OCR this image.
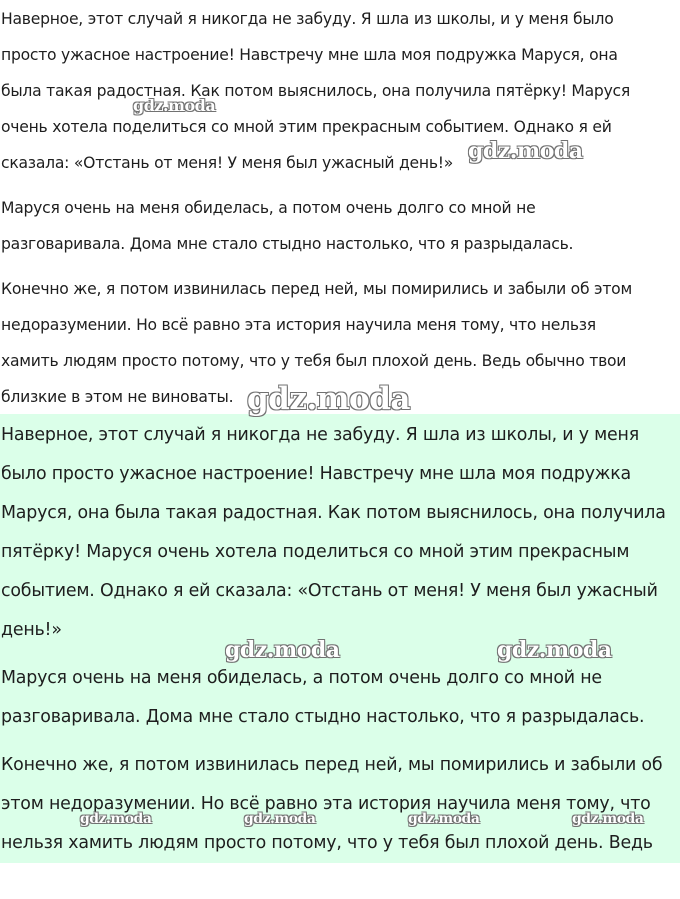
Наверное, этот случай я никогда не забуду. Я шла из школы, и у меня было

просто ужасное настроение! Навстречу мне шла моя подружка Маруся, она

была такая радостная. Как потом выяснилось, она получила пятёрку! Маруся

очень хотела поделиться со мной этим прекрасным событием. Однако я ей

сказала: «Отстань от меня! У меня был ужасный день!»

Маруся очень на меня обиделась, а потом очень долго со мной не

разговаривала. Дома мне стало стыдно настолько, что я разрыдалась.

Конечно же, я потом извинилась перед ней, мы помирились и забыли об этом

недоразумении. Но всё равно эта история научила меня тому, что нельзя

хамить людям просто потому, что у тебя был плохой день. Ведь обычно твои

близкие в этом не виноваты.

Наверное, этот случай я никогда не забуду. Я шла из школы, и у меня

было просто ужасное настроение! Навстречу мне шла моя подружка

Маруся, она была такая радостная. Как потом выяснилось, она получила

пятёрку! Маруся очень хотела поделиться со мной этим прекрасным

событием. Однако я ей сказала: «Отстань от меня! У меня был ужасный

день!»

Маруся очень на меня обиделась, а потом очень долго со мной не

разговаривала. Дома мне стало стыдно настолько, что я разрыдалась.

Конечно же, я потом извинилась перед ней, мы помирились и забыли об

этом недоразумении. Но всё равно эта история научила меня тому, что

нельзя хамить людям просто потому, что у тебя был плохой день. Ведь

gdz.moda
gdz.moda
gdz.moda
gdz.moda	gdz.moda
gdz.moda	gdz.moda	gdz.moda	gdz.moda
